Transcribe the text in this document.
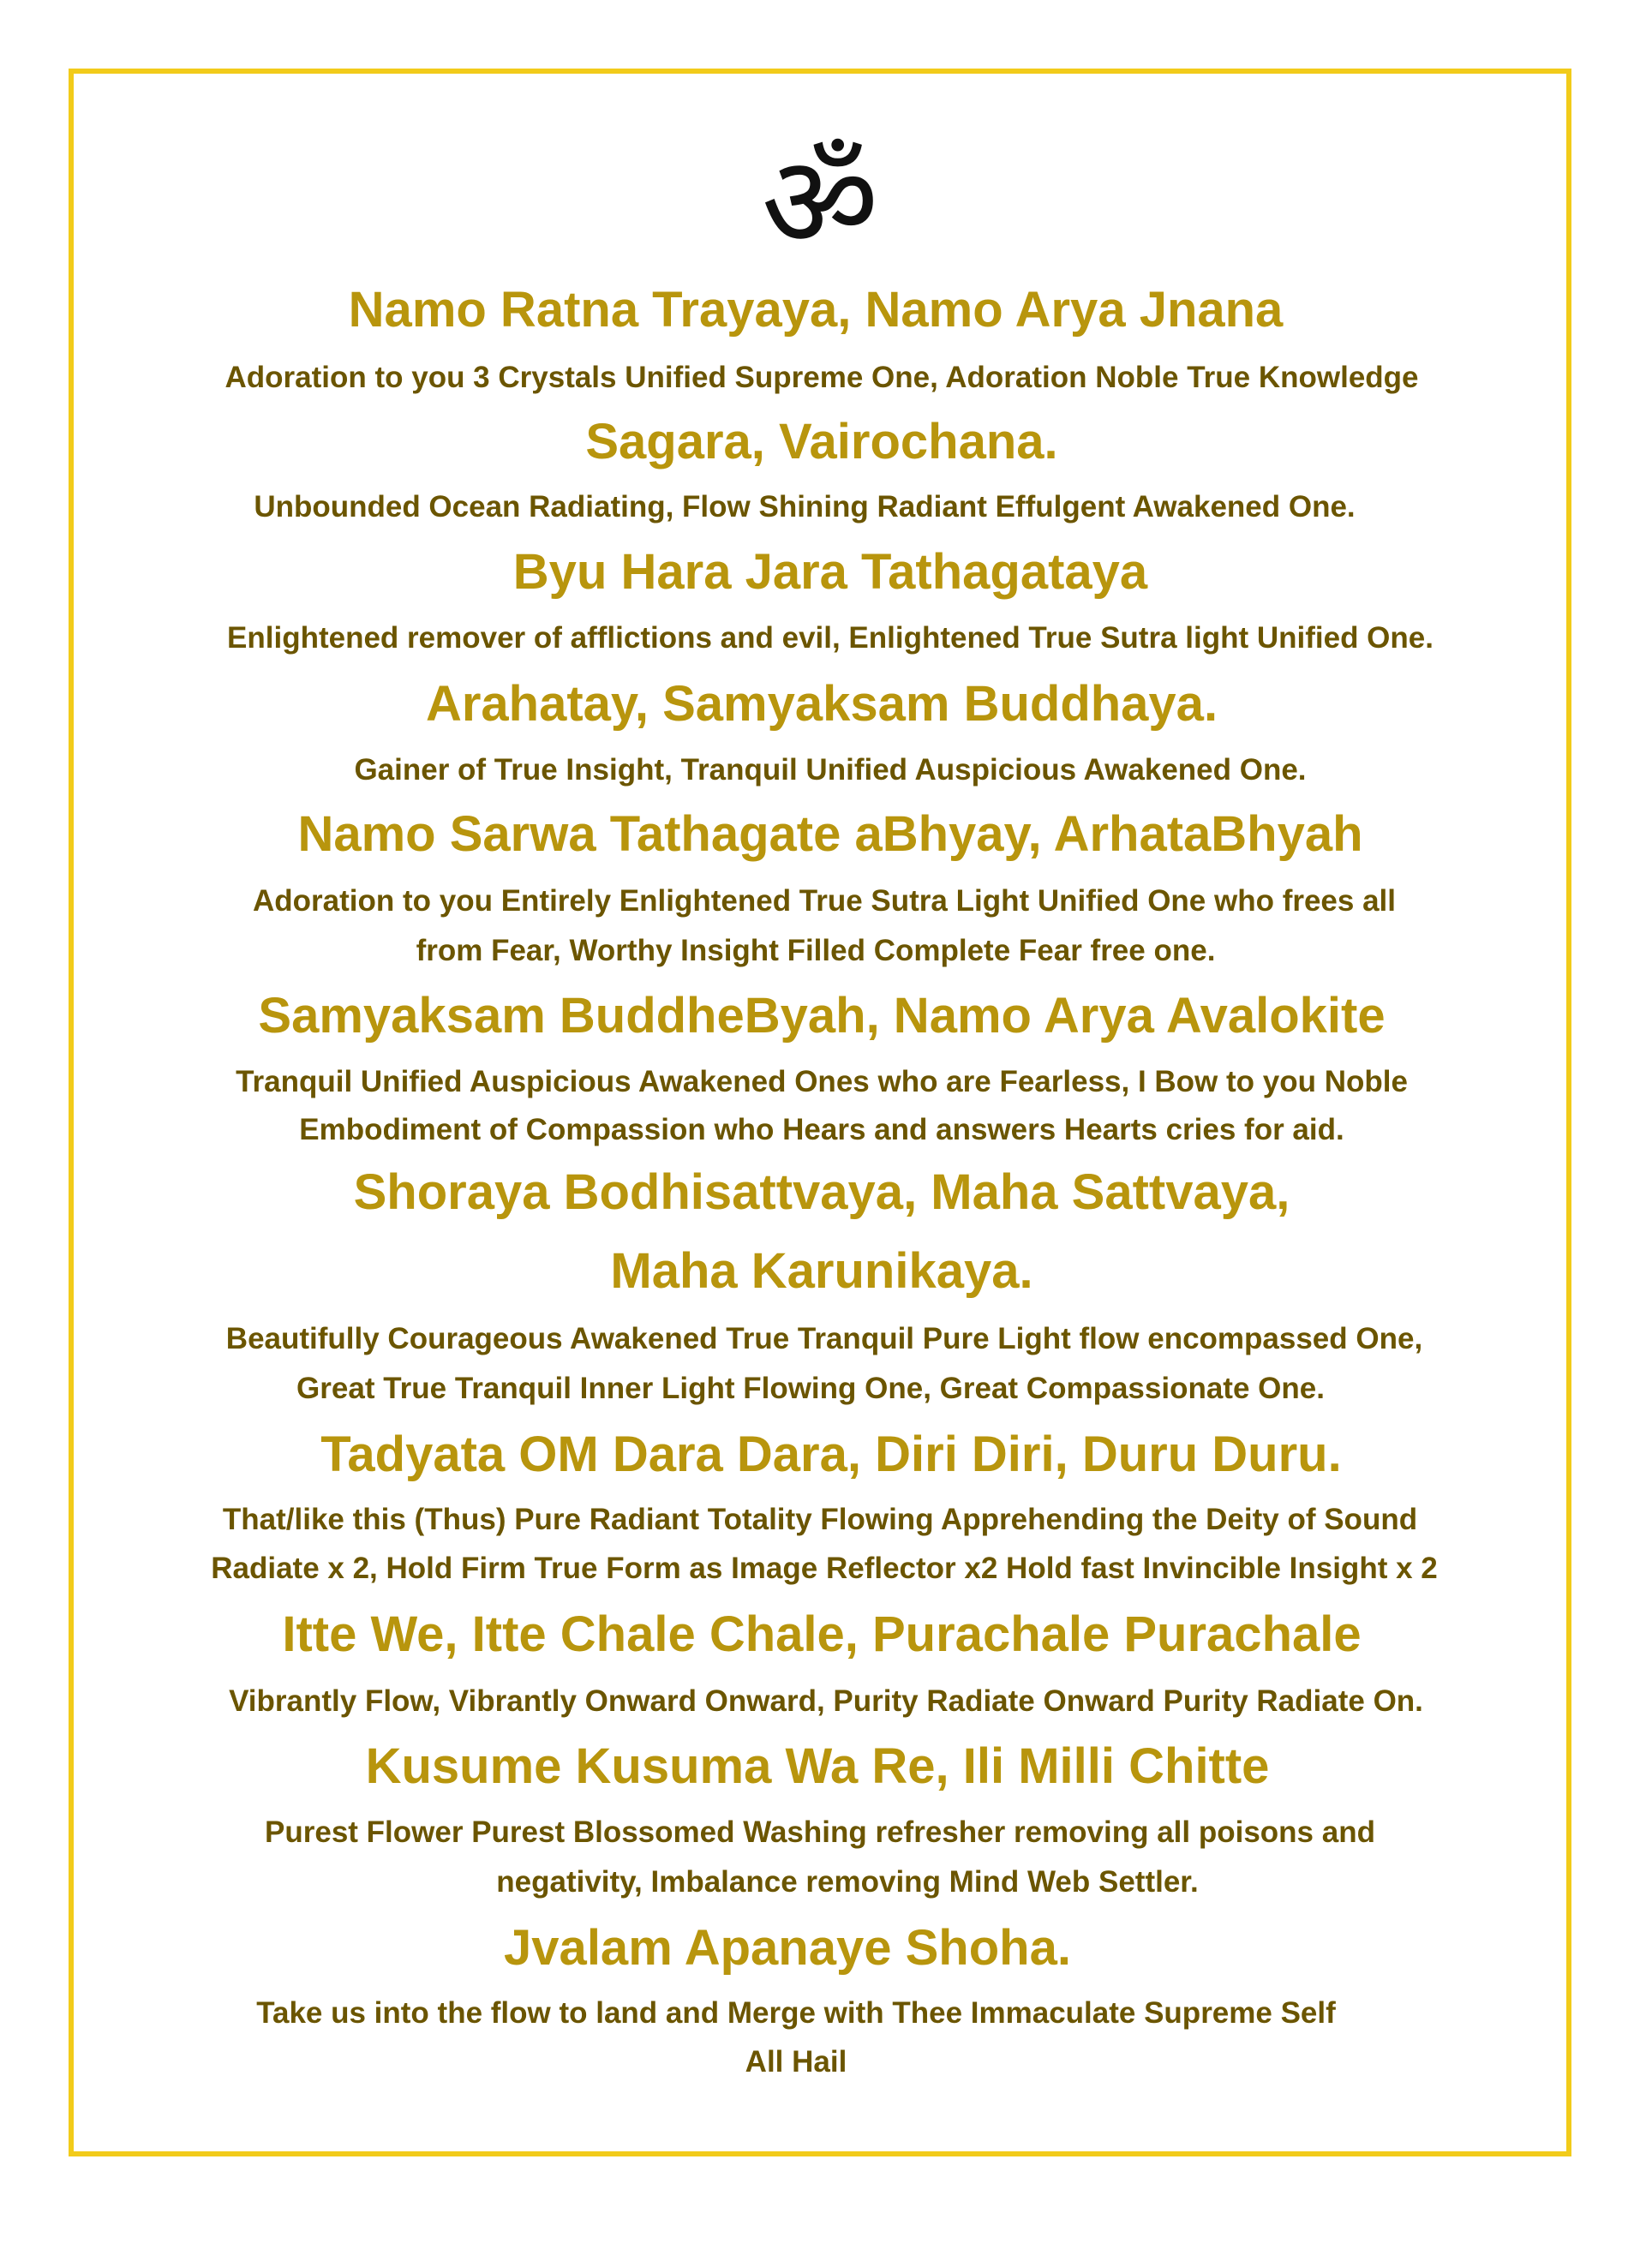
ॐ
Namo Ratna Trayaya, Namo Arya Jnana
Adoration to you 3 Crystals Unified Supreme One, Adoration Noble True Knowledge
Sagara, Vairochana.
Unbounded Ocean Radiating, Flow Shining Radiant Effulgent Awakened One.
Byu Hara Jara Tathagataya
Enlightened remover of afflictions and evil, Enlightened True Sutra light Unified One.
Arahatay, Samyaksam Buddhaya.
Gainer of True Insight, Tranquil Unified Auspicious Awakened One.
Namo Sarwa Tathagate aBhyay, ArhataBhyah
Adoration to you Entirely Enlightened True Sutra Light Unified One who frees all
from Fear, Worthy Insight Filled Complete Fear free one.
Samyaksam BuddheByah, Namo Arya Avalokite
Tranquil Unified Auspicious Awakened Ones who are Fearless, I Bow to you Noble
Embodiment of Compassion who Hears and answers Hearts cries for aid.
Shoraya Bodhisattvaya, Maha Sattvaya,
Maha Karunikaya.
Beautifully Courageous Awakened True Tranquil Pure Light flow encompassed One,
Great True Tranquil Inner Light Flowing One, Great Compassionate One.
Tadyata OM Dara Dara, Diri Diri, Duru Duru.
That/like this (Thus) Pure Radiant Totality Flowing Apprehending the Deity of Sound
Radiate x 2, Hold Firm True Form as Image Reflector x2 Hold fast Invincible Insight x 2
Itte We, Itte Chale Chale, Purachale Purachale
Vibrantly Flow, Vibrantly Onward Onward, Purity Radiate Onward Purity Radiate On.
Kusume Kusuma Wa Re, Ili Milli Chitte
Purest Flower Purest Blossomed Washing refresher removing all poisons and
negativity, Imbalance removing Mind Web Settler.
Jvalam Apanaye Shoha.
Take us into the flow to land and Merge with Thee Immaculate Supreme Self
All Hail
